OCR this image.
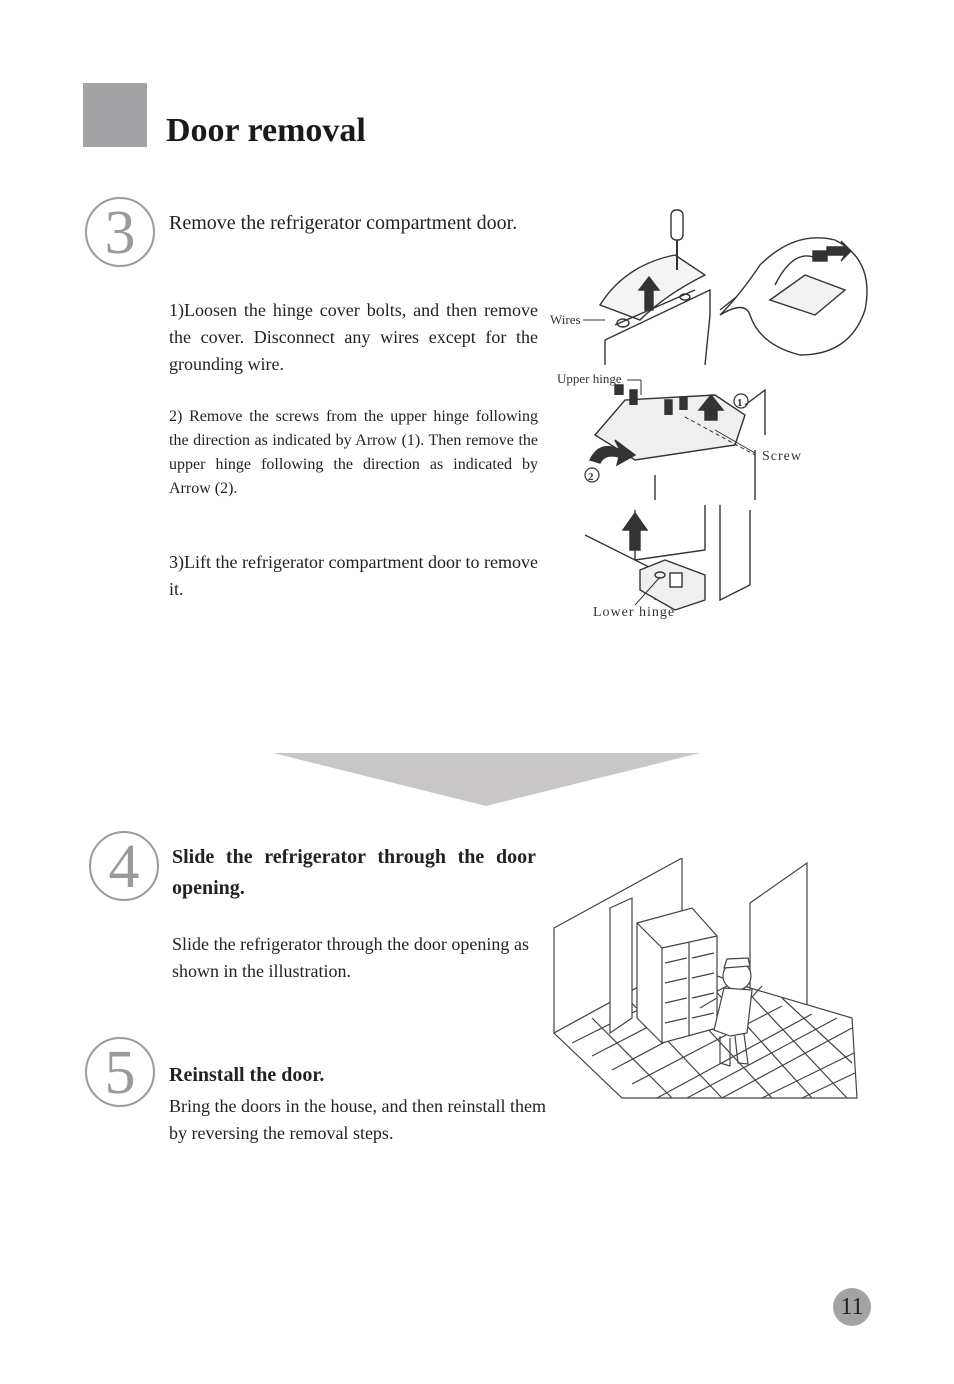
Door removal
3 Remove the refrigerator compartment door.
1)Loosen the hinge cover bolts, and then remove the cover. Disconnect any wires except for the grounding wire.
2) Remove the screws from the upper hinge following the direction as indicated by Arrow (1). Then remove the upper hinge following the direction as indicated by Arrow (2).
3)Lift the refrigerator compartment door to remove it.
Wires
Upper hinge
Screw
1
2
Lower hinge
4 Slide the refrigerator through the door opening.
Slide the refrigerator through the door opening as shown in the illustration.
5 Reinstall the door.
Bring the doors in the house, and then reinstall them by reversing the removal steps.
11
